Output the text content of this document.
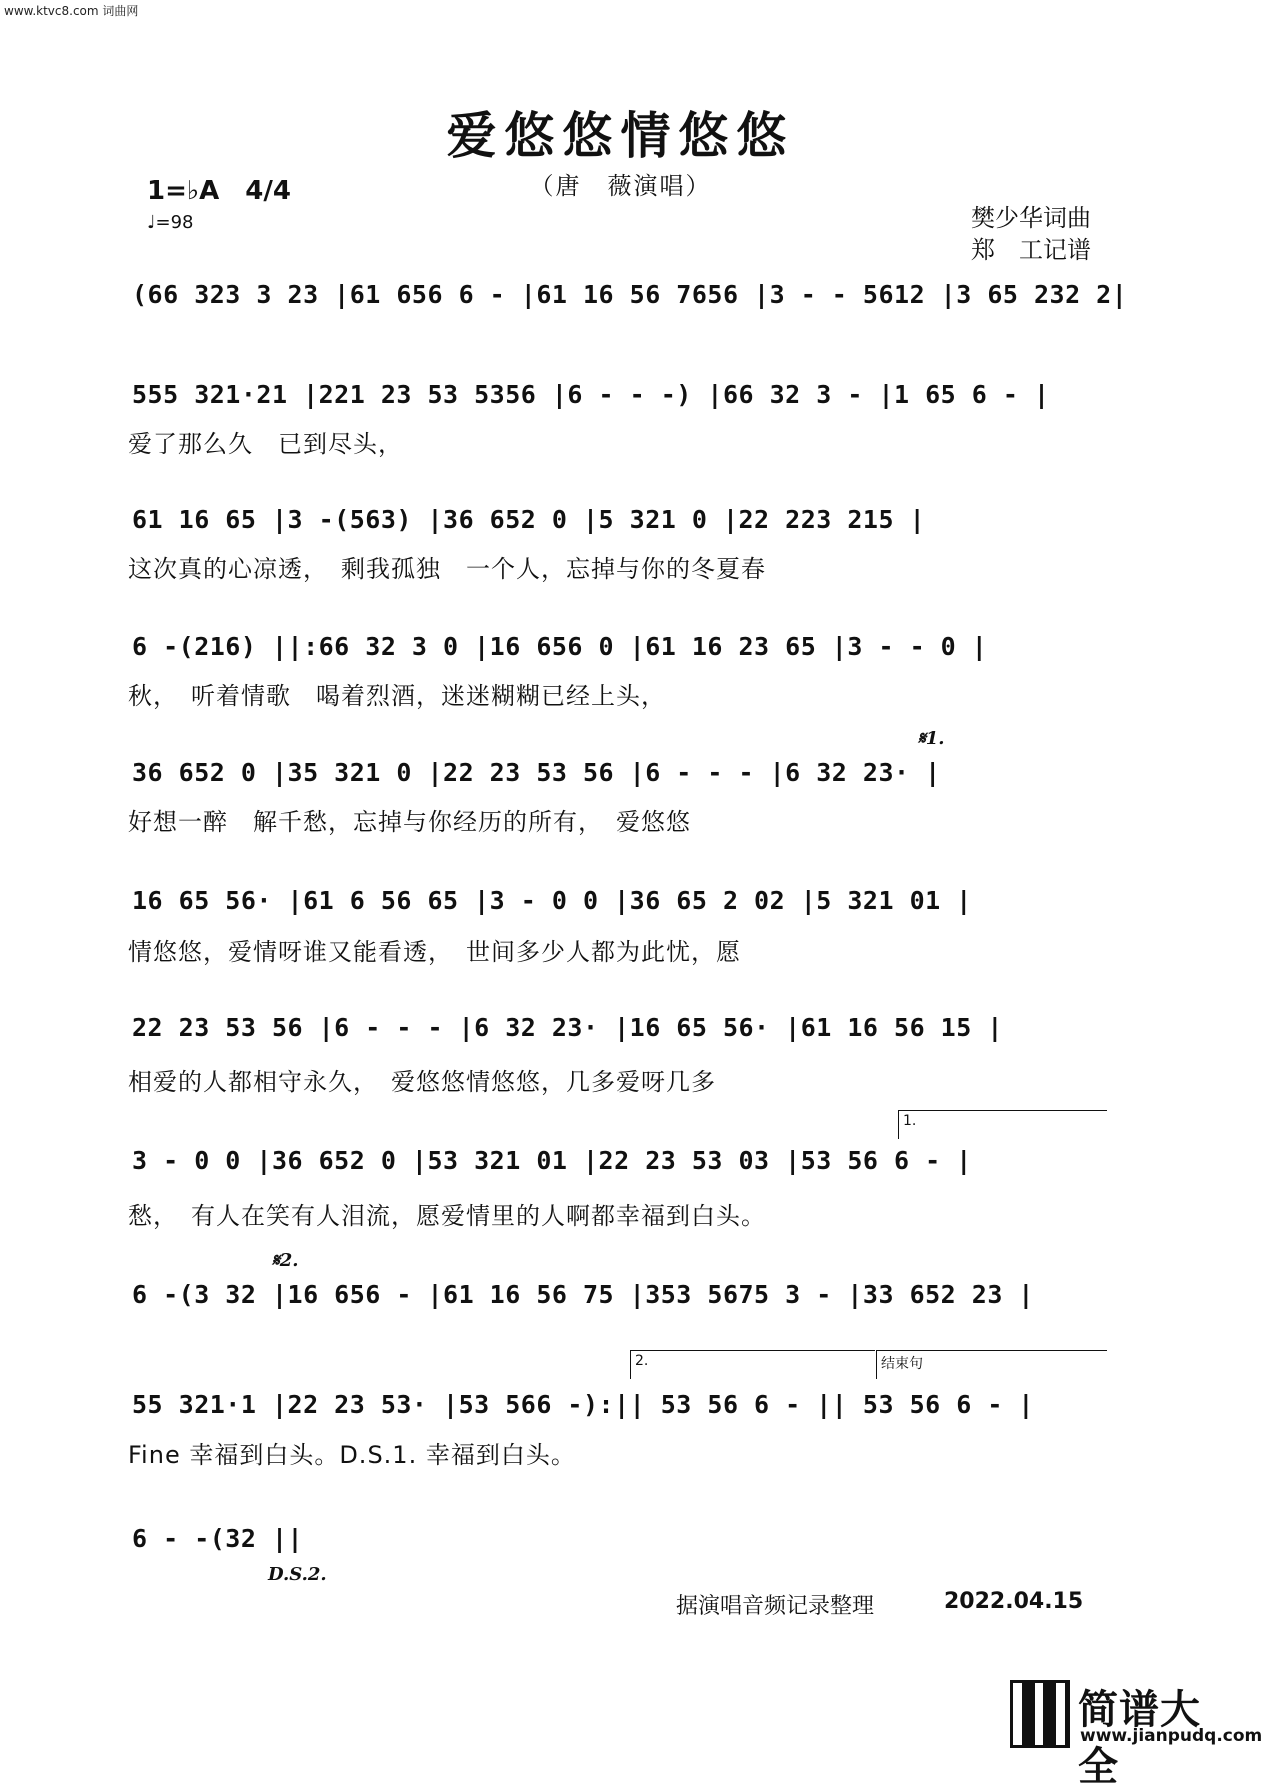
www.ktvc8.com 词曲网
爱悠悠情悠悠
（唐　薇演唱）
1=♭A　4/4
♩=98	樊少华词曲
郑　工记谱
𝄋1.
𝄋2.
1.
2.	结束句
D.S.2.
(66 323 3 23 |61 656 6 - |61 16 56 7656 |3 - - 5612 |3 65 232 2|
555 321·21 |221 23 53 5356 |6 - - -) |66 32 3 - |1 65 6 - |
爱了那么久　已到尽头，
61 16 65 |3 -(563) |36 652 0 |5 321 0 |22 223 215 |
这次真的心凉透，　剩我孤独　一个人，忘掉与你的冬夏春
6 -(216) ||:66 32 3 0 |16 656 0 |61 16 23 65 |3 - - 0 |
秋，　听着情歌　喝着烈酒，迷迷糊糊已经上头，
36 652 0 |35 321 0 |22 23 53 56 |6 - - - |6 32 23· |
好想一醉　解千愁，忘掉与你经历的所有，　爱悠悠
16 65 56· |61 6 56 65 |3 - 0 0 |36 65 2 02 |5 321 01 |
情悠悠，爱情呀谁又能看透，　世间多少人都为此忧，愿
22 23 53 56 |6 - - - |6 32 23· |16 65 56· |61 16 56 15 |
相爱的人都相守永久，　爱悠悠情悠悠，几多爱呀几多
3 - 0 0 |36 652 0 |53 321 01 |22 23 53 03 |53 56 6 - |
愁，　有人在笑有人泪流，愿爱情里的人啊都幸福到白头。
6 -(3 32 |16 656 - |61 16 56 75 |353 5675 3 - |33 652 23 |
55 321·1 |22 23 53· |53 566 -):|| 53 56 6 - || 53 56 6 - |
Fine 幸福到白头。D.S.1. 幸福到白头。
6 - -(32 ||
据演唱音频记录整理	2022.04.15
简谱大全
www.jianpudq.com
